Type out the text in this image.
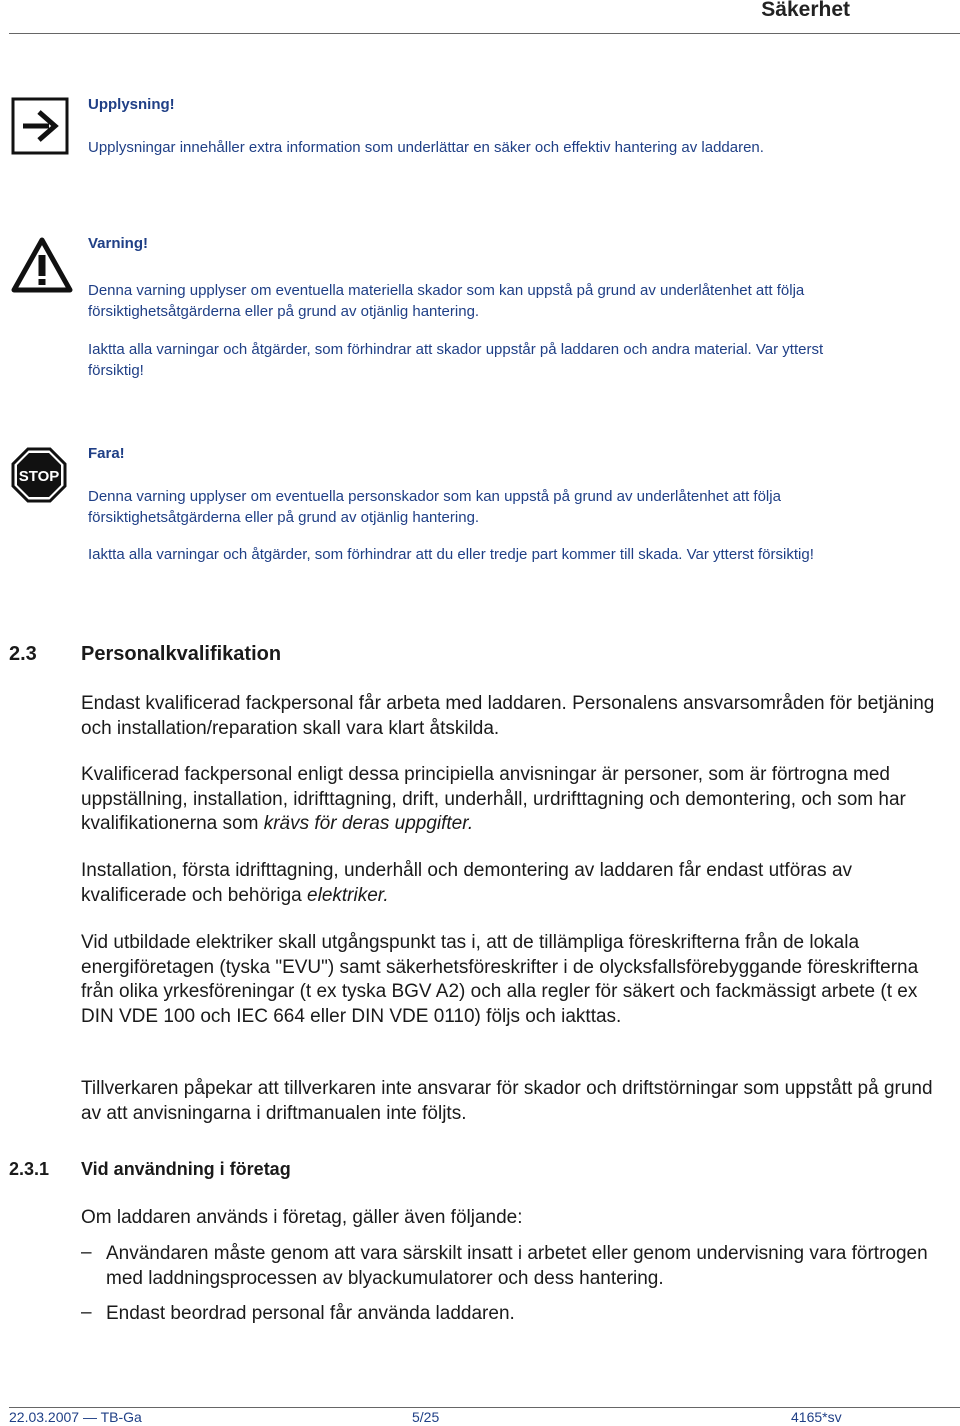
Säkerhet
Upplysning!

Upplysningar innehåller extra information som underlättar en säker och effektiv hantering av laddaren.

Varning!

Denna varning upplyser om eventuella materiella skador som kan uppstå på grund av underlåtenhet att följa försiktighetsåtgärderna eller på grund av otjänlig hantering.

Iaktta alla varningar och åtgärder, som förhindrar att skador uppstår på laddaren och andra material. Var ytterst försiktig!

STOP
Fara!

Denna varning upplyser om eventuella personskador som kan uppstå på grund av underlåtenhet att följa försiktighetsåtgärderna eller på grund av otjänlig hantering.

Iaktta alla varningar och åtgärder, som förhindrar att du eller tredje part kommer till skada. Var ytterst försiktig!

2.3 Personalkvalifikation

Endast kvalificerad fackpersonal får arbeta med laddaren. Personalens ansvarsområden för betjäning och installation/reparation skall vara klart åtskilda.

Kvalificerad fackpersonal enligt dessa principiella anvisningar är personer, som är förtrogna med uppställning, installation, idrifttagning, drift, underhåll, urdrifttagning och demontering, och som har kvalifikationerna som krävs för deras uppgifter.

Installation, första idrifttagning, underhåll och demontering av laddaren får endast utföras av kvalificerade och behöriga elektriker.

Vid utbildade elektriker skall utgångspunkt tas i, att de tillämpliga föreskrifterna från de lokala energiföretagen (tyska "EVU") samt säkerhetsföreskrifter i de olycksfallsförebyggande föreskrifterna från olika yrkesföreningar (t ex tyska BGV A2) och alla regler för säkert och fackmässigt arbete (t ex DIN VDE 100 och IEC 664 eller DIN VDE 0110) följs och iakttas.

Tillverkaren påpekar att tillverkaren inte ansvarar för skador och driftstörningar som uppstått på grund av att anvisningarna i driftmanualen inte följts.

2.3.1 Vid användning i företag

Om laddaren används i företag, gäller även följande:

– Användaren måste genom att vara särskilt insatt i arbetet eller genom undervisning vara förtrogen med laddningsprocessen av blyackumulatorer och dess hantering.

– Endast beordrad personal får använda laddaren.

22.03.2007 — TB-Ga	5/25	4165*sv
